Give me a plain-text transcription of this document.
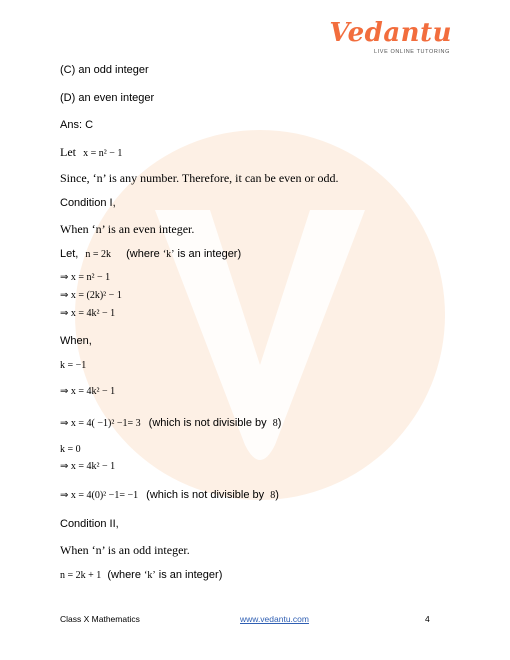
Vedantu
LIVE ONLINE TUTORING
(C) an odd integer
(D) an even integer
Ans: C
Let x = n² − 1
Since, ‘n’ is any number. Therefore, it can be even or odd.
Condition I,
When ‘n’ is an even integer.
Let, n = 2k (where ‘k’ is an integer)
⇒ x = n² − 1
⇒ x = (2k)² − 1
⇒ x = 4k² − 1
When,
k = −1
⇒ x = 4k² − 1
⇒ x = 4( −1)² −1= 3 (which is not divisible by 8)
k = 0
⇒ x = 4k² − 1
⇒ x = 4(0)² −1= −1 (which is not divisible by 8)
Condition II,
When ‘n’ is an odd integer.
n = 2k + 1 (where ‘k’ is an integer)
Class X Mathematics	www.vedantu.com	4
